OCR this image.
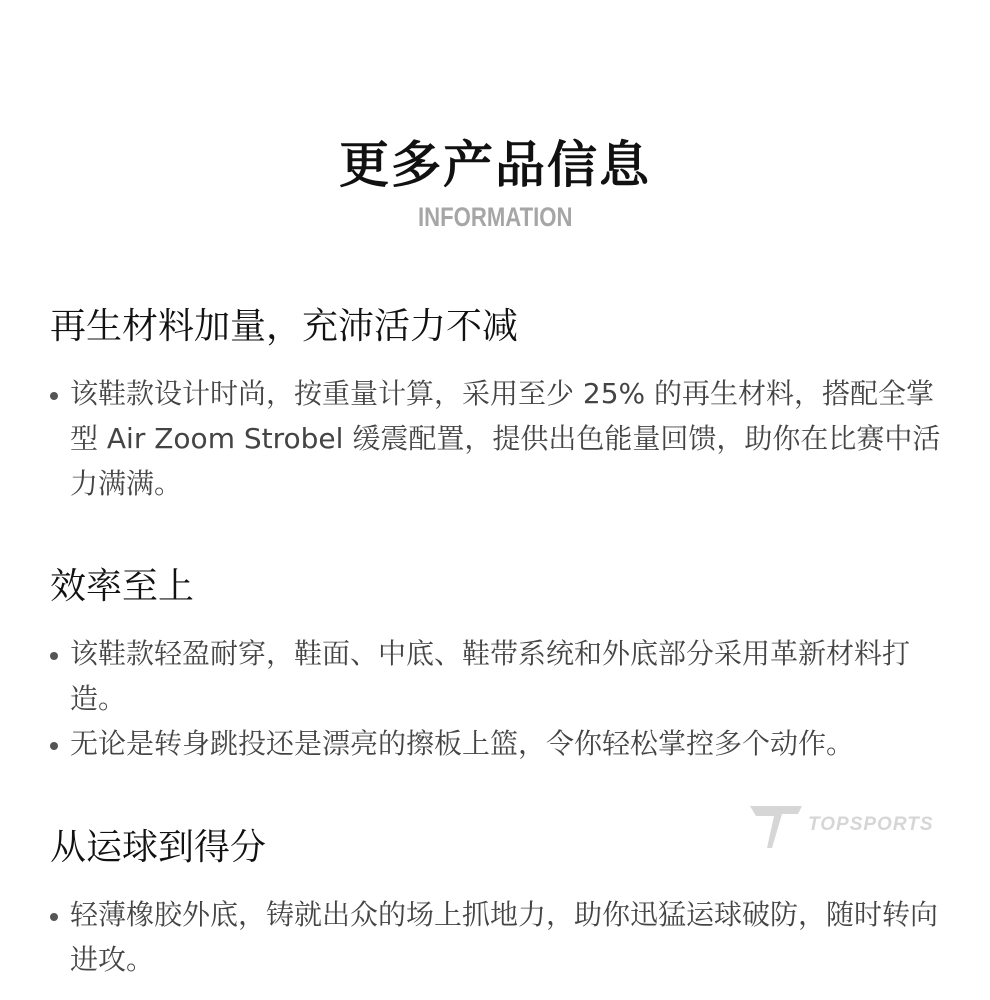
更多产品信息
INFORMATION
再生材料加量，充沛活力不减
该鞋款设计时尚，按重量计算，采用至少 25% 的再生材料，搭配全掌型 Air Zoom Strobel 缓震配置，提供出色能量回馈，助你在比赛中活力满满。
效率至上
该鞋款轻盈耐穿，鞋面、中底、鞋带系统和外底部分采用革新材料打造。
无论是转身跳投还是漂亮的擦板上篮，令你轻松掌控多个动作。
从运球到得分
轻薄橡胶外底，铸就出众的场上抓地力，助你迅猛运球破防，随时转向进攻。
TOPSPORTS
